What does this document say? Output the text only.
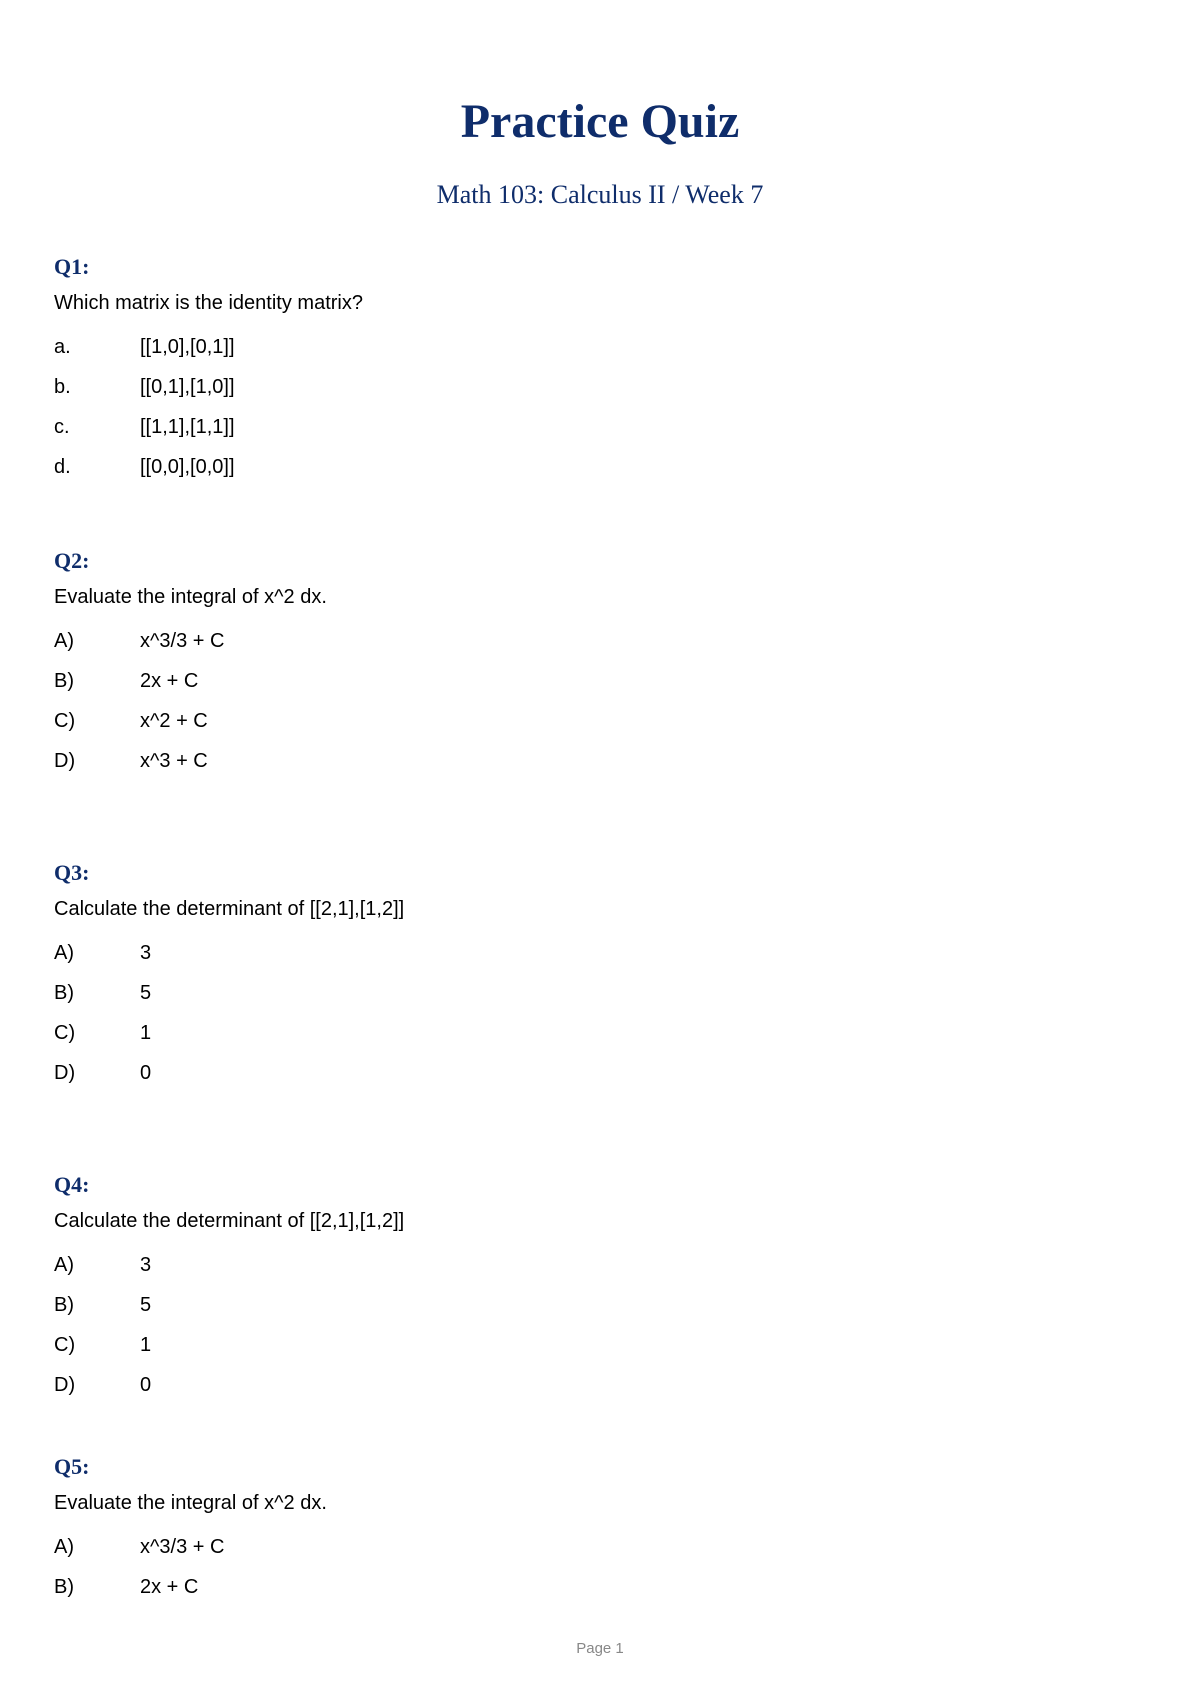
Practice Quiz
Math 103: Calculus II / Week 7
Q1:
Which matrix is the identity matrix?
a.	[[1,0],[0,1]]
b.	[[0,1],[1,0]]
c.	[[1,1],[1,1]]
d.	[[0,0],[0,0]]
Q2:
Evaluate the integral of x^2 dx.
A)	x^3/3 + C
B)	2x + C
C)	x^2 + C
D)	x^3 + C
Q3:
Calculate the determinant of [[2,1],[1,2]]
A)	3
B)	5
C)	1
D)	0
Q4:
Calculate the determinant of [[2,1],[1,2]]
A)	3
B)	5
C)	1
D)	0
Q5:
Evaluate the integral of x^2 dx.
A)	x^3/3 + C
B)	2x + C
Page 1
